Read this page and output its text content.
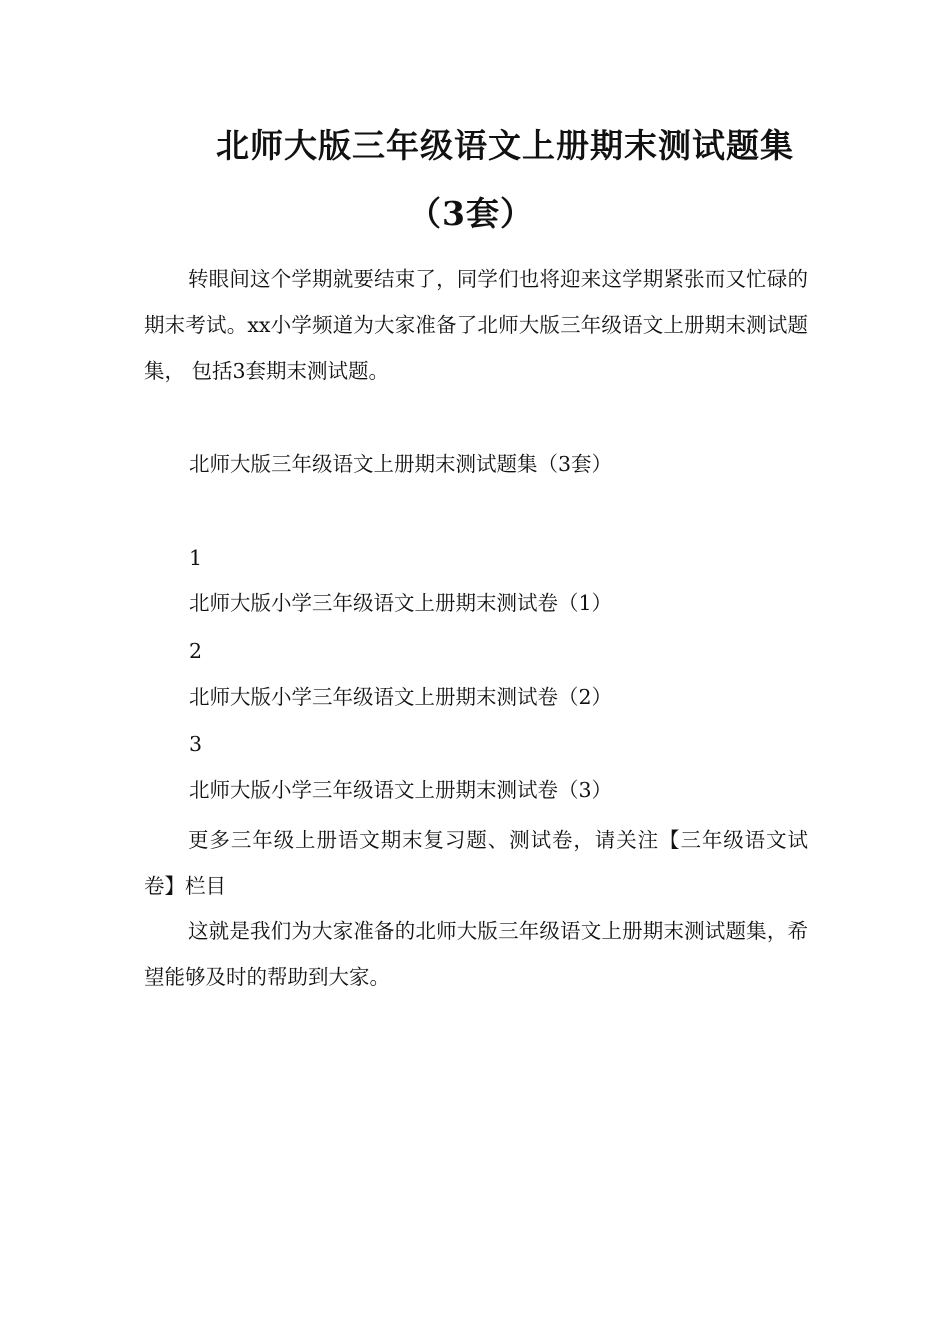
北师大版三年级语文上册期末测试题集
（3套）

转眼间这个学期就要结束了，同学们也将迎来这学期紧张而又忙碌的期末考试。xx小学频道为大家准备了北师大版三年级语文上册期末测试题集， 包括3套期末测试题。

北师大版三年级语文上册期末测试题集（3套）

1

北师大版小学三年级语文上册期末测试卷（1）

2

北师大版小学三年级语文上册期末测试卷（2）

3

北师大版小学三年级语文上册期末测试卷（3）

更多三年级上册语文期末复习题、测试卷，请关注【三年级语文试卷】栏目

这就是我们为大家准备的北师大版三年级语文上册期末测试题集，希望能够及时的帮助到大家。
